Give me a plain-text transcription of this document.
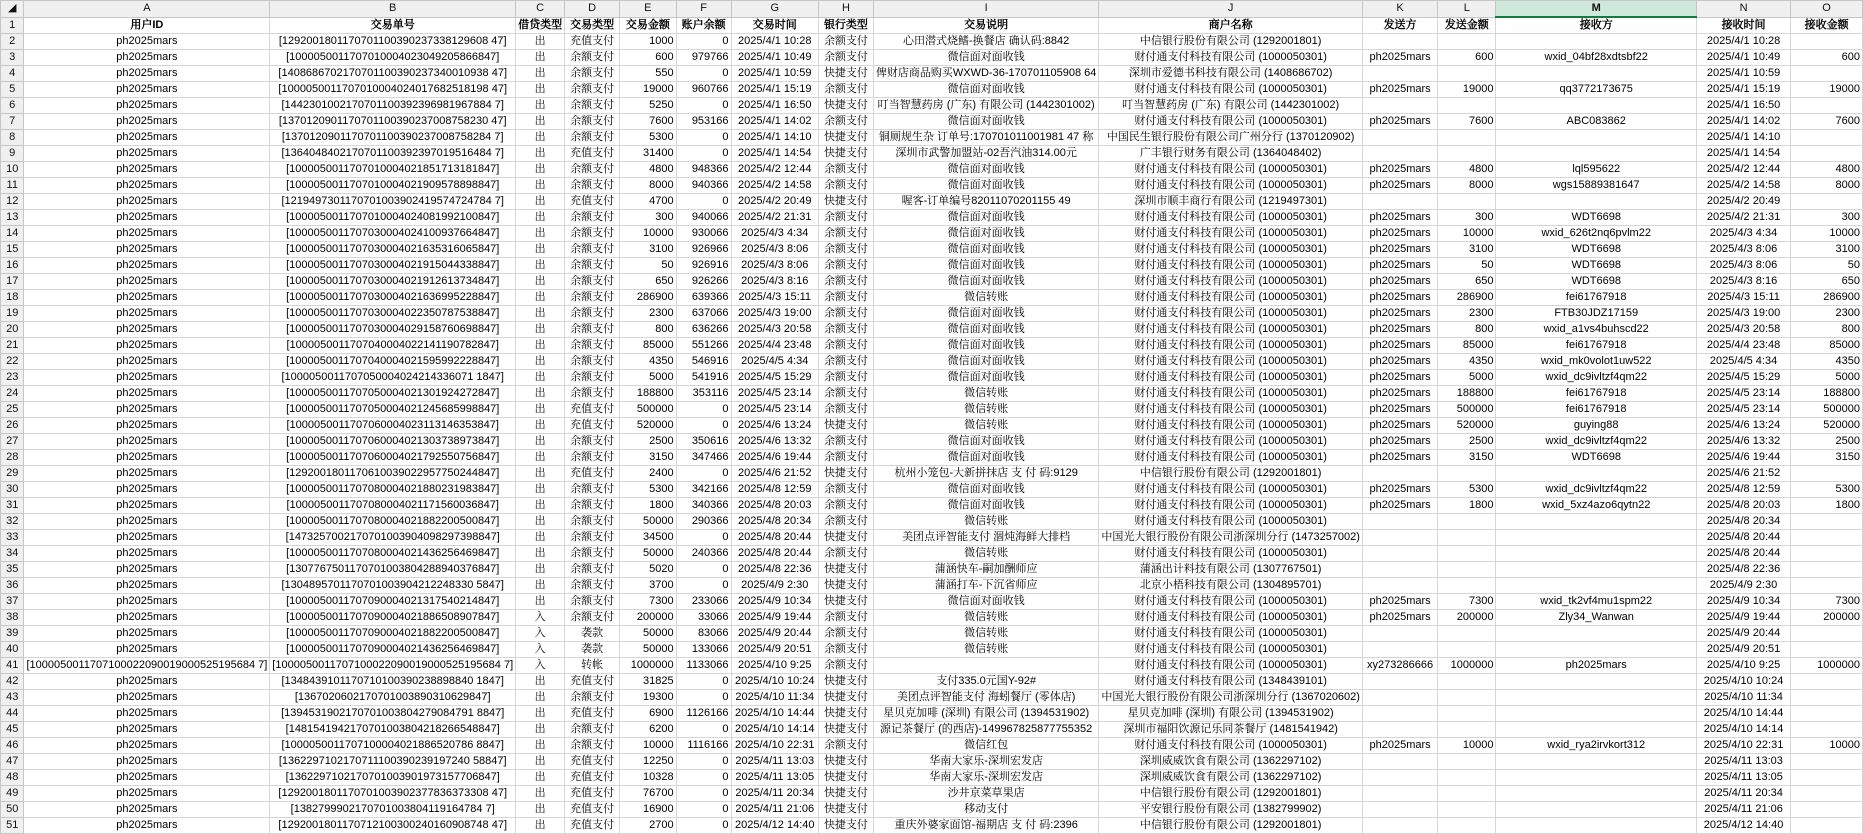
◢	A	B	C	D	E	F	G	H	I	J	K	L	M	N	O
1	用户ID	交易单号	借贷类型	交易类型	交易金额	账户余额	交易时间	银行类型	交易说明	商户名称	发送方	发送金额	接收方	接收时间	接收金额
2	ph2025mars	[1292001801170701100390237338129608 47]	出	充值支付	1000	0	2025/4/1 10:28	余额支付	心田潜式烧鳍-换餐店 确认码:8842	中信银行股份有限公司 (1292001801)				2025/4/1 10:28	
3	ph2025mars	[1000050011707010004023049205866847]	出	余额支付	600	979766	2025/4/1 10:49	余额支付	微信面对面收钱	财付通支付科技有限公司 (1000050301)	ph2025mars	600	wxid_04bf28xdtsbf22	2025/4/1 10:49	600
4	ph2025mars	[1408686702170701100390237340010938 47]	出	余额支付	550	0	2025/4/1 10:59	快捷支付	俾财店商品购买WXWD-36-170701105908 64	深圳市爱德书科技有限公司 (1408686702)				2025/4/1 10:59	
5	ph2025mars	[1000050011707010004024017682518198 47]	出	余额支付	19000	960766	2025/4/1 15:19	余额支付	微信面对面收钱	财付通支付科技有限公司 (1000050301)	ph2025mars	19000	qq3772173675	2025/4/1 15:19	19000
6	ph2025mars	[1442301002170701100392396981967884 7]	出	余额支付	5250	0	2025/4/1 16:50	快捷支付	叮当智慧药房 (广东) 有限公司 (1442301002)	叮当智慧药房 (广东) 有限公司 (1442301002)				2025/4/1 16:50	
7	ph2025mars	[1370120901170701100390237008758230 47]	出	余额支付	7600	953166	2025/4/1 14:02	余额支付	微信面对面收钱	财付通支付科技有限公司 (1000050301)	ph2025mars	7600	ABC083862	2025/4/1 14:02	7600
8	ph2025mars	[1370120901170701100390237008758284 7]	出	余额支付	5300	0	2025/4/1 14:10	快捷支付	铜厕规生杂 订单号:170701011001981 47 称	中国民生银行股份有限公司广州分行 (1370120902)				2025/4/1 14:10	
9	ph2025mars	[1364048402170701100392397019516484 7]	出	充值支付	31400	0	2025/4/1 14:54	快捷支付	深圳市武警加盟站-02吾汽油314.00元	广丰银行财务有限公司 (1364048402)				2025/4/1 14:54	
10	ph2025mars	[1000050011707010004021851713181847]	出	余额支付	4800	948366	2025/4/2 12:44	余额支付	微信面对面收钱	财付通支付科技有限公司 (1000050301)	ph2025mars	4800	lql595622	2025/4/2 12:44	4800
11	ph2025mars	[1000050011707010004021909578898847]	出	余额支付	8000	940366	2025/4/2 14:58	余额支付	微信面对面收钱	财付通支付科技有限公司 (1000050301)	ph2025mars	8000	wgs15889381647	2025/4/2 14:58	8000
12	ph2025mars	[1219497301170701003902419574724784 7]	出	充值支付	4700	0	2025/4/2 20:49	快捷支付	喔客-订单编号82011070201155 49	深圳市顺丰商行有限公司 (1219497301)				2025/4/2 20:49	
13	ph2025mars	[1000050011707010004024081992100847]	出	余额支付	300	940066	2025/4/2 21:31	余额支付	微信面对面收钱	财付通支付科技有限公司 (1000050301)	ph2025mars	300	WDT6698	2025/4/2 21:31	300
14	ph2025mars	[1000050011707030004024100937664847]	出	余额支付	10000	930066	2025/4/3 4:34	余额支付	微信面对面收钱	财付通支付科技有限公司 (1000050301)	ph2025mars	10000	wxid_626t2nq6pvlm22	2025/4/3 4:34	10000
15	ph2025mars	[1000050011707030004021635316065847]	出	余额支付	3100	926966	2025/4/3 8:06	余额支付	微信面对面收钱	财付通支付科技有限公司 (1000050301)	ph2025mars	3100	WDT6698	2025/4/3 8:06	3100
16	ph2025mars	[1000050011707030004021915044338847]	出	余额支付	50	926916	2025/4/3 8:06	余额支付	微信面对面收钱	财付通支付科技有限公司 (1000050301)	ph2025mars	50	WDT6698	2025/4/3 8:06	50
17	ph2025mars	[1000050011707030004021912613734847]	出	余额支付	650	926266	2025/4/3 8:16	余额支付	微信面对面收钱	财付通支付科技有限公司 (1000050301)	ph2025mars	650	WDT6698	2025/4/3 8:16	650
18	ph2025mars	[1000050011707030004021636995228847]	出	余额支付	286900	639366	2025/4/3 15:11	余额支付	微信转账	财付通支付科技有限公司 (1000050301)	ph2025mars	286900	fei61767918	2025/4/3 15:11	286900
19	ph2025mars	[1000050011707030004022350787538847]	出	余额支付	2300	637066	2025/4/3 19:00	余额支付	微信面对面收钱	财付通支付科技有限公司 (1000050301)	ph2025mars	2300	FTB30JDZ17159	2025/4/3 19:00	2300
20	ph2025mars	[1000050011707030004029158760698847]	出	余额支付	800	636266	2025/4/3 20:58	余额支付	微信面对面收钱	财付通支付科技有限公司 (1000050301)	ph2025mars	800	wxid_a1vs4buhscd22	2025/4/3 20:58	800
21	ph2025mars	[1000050011707040004022141190782847]	出	余额支付	85000	551266	2025/4/4 23:48	余额支付	微信面对面收钱	财付通支付科技有限公司 (1000050301)	ph2025mars	85000	fei61767918	2025/4/4 23:48	85000
22	ph2025mars	[1000050011707040004021595992228847]	出	余额支付	4350	546916	2025/4/5 4:34	余额支付	微信面对面收钱	财付通支付科技有限公司 (1000050301)	ph2025mars	4350	wxid_mk0volot1uw522	2025/4/5 4:34	4350
23	ph2025mars	[1000050011707050004024214336071 1847]	出	余额支付	5000	541916	2025/4/5 15:29	余额支付	微信面对面收钱	财付通支付科技有限公司 (1000050301)	ph2025mars	5000	wxid_dc9ivltzf4qm22	2025/4/5 15:29	5000
24	ph2025mars	[1000050011707050004021301924272847]	出	余额支付	188800	353116	2025/4/5 23:14	余额支付	微信转账	财付通支付科技有限公司 (1000050301)	ph2025mars	188800	fei61767918	2025/4/5 23:14	188800
25	ph2025mars	[1000050011707050004021245685998847]	出	充值支付	500000	0	2025/4/5 23:14	余额支付	微信转账	财付通支付科技有限公司 (1000050301)	ph2025mars	500000	fei61767918	2025/4/5 23:14	500000
26	ph2025mars	[1000050011707060004023113146353847]	出	充值支付	520000	0	2025/4/6 13:24	快捷支付	微信转账	财付通支付科技有限公司 (1000050301)	ph2025mars	520000	guying88	2025/4/6 13:24	520000
27	ph2025mars	[1000050011707060004021303738973847]	出	余额支付	2500	350616	2025/4/6 13:32	余额支付	微信面对面收钱	财付通支付科技有限公司 (1000050301)	ph2025mars	2500	wxid_dc9ivltzf4qm22	2025/4/6 13:32	2500
28	ph2025mars	[1000050011707060004021792550756847]	出	余额支付	3150	347466	2025/4/6 19:44	余额支付	微信面对面收钱	财付通支付科技有限公司 (1000050301)	ph2025mars	3150	WDT6698	2025/4/6 19:44	3150
29	ph2025mars	[1292001801170610039022957750244847]	出	充值支付	2400	0	2025/4/6 21:52	快捷支付	杭州小笼包-大新拼抹店 支 付 码:9129	中信银行股份有限公司 (1292001801)				2025/4/6 21:52	
30	ph2025mars	[1000050011707080004021880231983847]	出	余额支付	5300	342166	2025/4/8 12:59	余额支付	微信面对面收钱	财付通支付科技有限公司 (1000050301)	ph2025mars	5300	wxid_dc9ivltzf4qm22	2025/4/8 12:59	5300
31	ph2025mars	[1000050011707080004021171560036847]	出	余额支付	1800	340366	2025/4/8 20:03	余额支付	微信面对面收钱	财付通支付科技有限公司 (1000050301)	ph2025mars	1800	wxid_5xz4azo6qytn22	2025/4/8 20:03	1800
32	ph2025mars	[1000050011707080004021882200500847]	出	余额支付	50000	290366	2025/4/8 20:34	余额支付	微信转账	财付通支付科技有限公司 (1000050301)				2025/4/8 20:34	
33	ph2025mars	[1473257002170701003904098297398847]	出	余额支付	34500	0	2025/4/8 20:44	快捷支付	美团点评智能支付 涸炖海鲜大排档	中国光大银行股份有限公司浙深圳分行 (1473257002)				2025/4/8 20:44	
34	ph2025mars	[1000050011707080004021436256469847]	出	余额支付	50000	240366	2025/4/8 20:44	余额支付	微信转账	财付通支付科技有限公司 (1000050301)				2025/4/8 20:44	
35	ph2025mars	[1307767501170701003804288940376847]	出	余额支付	5020	0	2025/4/8 22:36	快捷支付	蒲涵快车-嗣加酬师应	蒲涵出计料技有限公司 (1307767501)				2025/4/8 22:36	
36	ph2025mars	[1304895701170701003904212248330 5847]	出	余额支付	3700	0	2025/4/9 2:30	快捷支付	蒲涵打车-下沉省师应	北京小梧科技有限公司 (1304895701)				2025/4/9 2:30	
37	ph2025mars	[1000050011707090004021317540214847]	出	余额支付	7300	233066	2025/4/9 10:34	快捷支付	微信面对面收钱	财付通支付科技有限公司 (1000050301)	ph2025mars	7300	wxid_tk2vf4mu1spm22	2025/4/9 10:34	7300
38	ph2025mars	[1000050011707090004021886508907847]	入	余额支付	200000	33066	2025/4/9 19:44	余额支付	微信转账	财付通支付科技有限公司 (1000050301)	ph2025mars	200000	Zly34_Wanwan	2025/4/9 19:44	200000
39	ph2025mars	[1000050011707090004021882200500847]	入	袭款	50000	83066	2025/4/9 20:44	余额支付	微信转账	财付通支付科技有限公司 (1000050301)				2025/4/9 20:44	
40	ph2025mars	[1000050011707090004021436256469847]	入	袭款	50000	133066	2025/4/9 20:51	余额支付	微信转账	财付通支付科技有限公司 (1000050301)				2025/4/9 20:51	
41	[1000050011707100022090019000525195684 7]	[1000050011707100022090019000525195684 7]	入	转帐	1000000	1133066	2025/4/10 9:25	余额支付		财付通支付科技有限公司 (1000050301)	xy273286666	1000000	ph2025mars	2025/4/10 9:25	1000000
42	ph2025mars	[1348439101170710100390238898840 1847]	出	充值支付	31825	0	2025/4/10 10:24	快捷支付	支付335.0元国Y-92#	财付通支付科技有限公司 (1348439101)				2025/4/10 10:24	
43	ph2025mars	[1367020602170701003890310629847]	出	余额支付	19300	0	2025/4/10 11:34	快捷支付	美团点评智能支付 海蚓餐厅 (零体店)	中国光大银行股份有限公司浙深圳分行 (1367020602)				2025/4/10 11:34	
44	ph2025mars	[1394531902170701003804279084791 8847]	出	充值支付	6900	1126166	2025/4/10 14:44	快捷支付	星贝克加啡 (深圳) 有限公司 (1394531902)	星贝克加啡 (深圳) 有限公司 (1394531902)				2025/4/10 14:44	
45	ph2025mars	[1481541942170701003804218266548847]	出	余额支付	6200	0	2025/4/10 14:14	快捷支付	源记茶餐厅 (的西店)-149967825877755352	深圳市福阳饮源记乐同茶餐厅 (1481541942)				2025/4/10 14:14	
46	ph2025mars	[1000050011707100004021886520786 8847]	出	余额支付	10000	1116166	2025/4/10 22:31	余额支付	微信红包	财付通支付科技有限公司 (1000050301)	ph2025mars	10000	wxid_rya2irvkort312	2025/4/10 22:31	10000
47	ph2025mars	[1362297102170711100390239197240 58847]	出	充值支付	12250	0	2025/4/11 13:03	快捷支付	华南大家乐-深圳宏发店	深圳威威饮食有限公司 (1362297102)				2025/4/11 13:03	
48	ph2025mars	[1362297102170701003901973157706847]	出	充值支付	10328	0	2025/4/11 13:05	快捷支付	华南大家乐-深圳宏发店	深圳威威饮食有限公司 (1362297102)				2025/4/11 13:05	
49	ph2025mars	[1292001801170701003902377836373308 47]	出	充值支付	76700	0	2025/4/11 20:34	快捷支付	沙井京菜草果店	中信银行股份有限公司 (1292001801)				2025/4/11 20:34	
50	ph2025mars	[1382799902170701003804119164784 7]	出	充值支付	16900	0	2025/4/11 21:06	快捷支付	移动支付	平安银行股份有限公司 (1382799902)				2025/4/11 21:06	
51	ph2025mars	[1292001801170712100300240160908748 47]	出	充值支付	2700	0	2025/4/12 14:40	快捷支付	重庆外婆家面馆-福期店 支 付 码:2396	中信银行股份有限公司 (1292001801)				2025/4/12 14:40	
